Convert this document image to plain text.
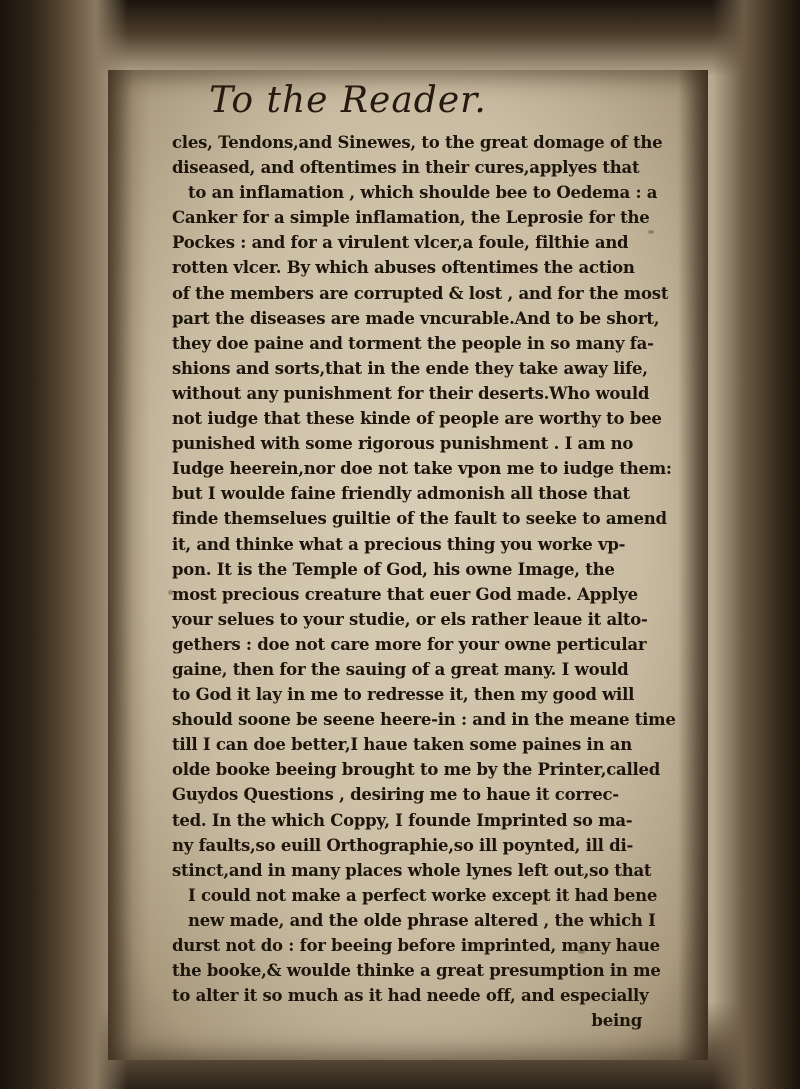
To the Reader.
cles, Tendons,and Sinewes, to the great domage of the
diseased, and oftentimes in their cures,applyes that
to an inflamation , which shoulde bee to Oedema : a
Canker for a simple inflamation, the Leprosie for the
Pockes : and for a virulent vlcer,a foule, filthie and
rotten vlcer. By which abuses oftentimes the action
of the members are corrupted & lost , and for the most
part the diseases are made vncurable.And to be short,
they doe paine and torment the people in so many fa-
shions and sorts,that in the ende they take away life,
without any punishment for their deserts.Who would
not iudge that these kinde of people are worthy to bee
punished with some rigorous punishment . I am no
Iudge heerein,nor doe not take vpon me to iudge them:
but I woulde faine friendly admonish all those that
finde themselues guiltie of the fault to seeke to amend
it, and thinke what a precious thing you worke vp-
pon. It is the Temple of God, his owne Image, the
most precious creature that euer God made. Applye
your selues to your studie, or els rather leaue it alto-
gethers : doe not care more for your owne perticular
gaine, then for the sauing of a great many. I would
to God it lay in me to redresse it, then my good will
should soone be seene heere-in : and in the meane time
till I can doe better,I haue taken some paines in an
olde booke beeing brought to me by the Printer,called
Guydos Questions , desiring me to haue it correc-
ted. In the which Coppy, I founde Imprinted so ma-
ny faults,so euill Orthographie,so ill poynted, ill di-
stinct,and in many places whole lynes left out,so that
I could not make a perfect worke except it had bene
new made, and the olde phrase altered , the which I
durst not do : for beeing before imprinted, many haue
the booke,& woulde thinke a great presumption in me
to alter it so much as it had neede off, and especially
being
